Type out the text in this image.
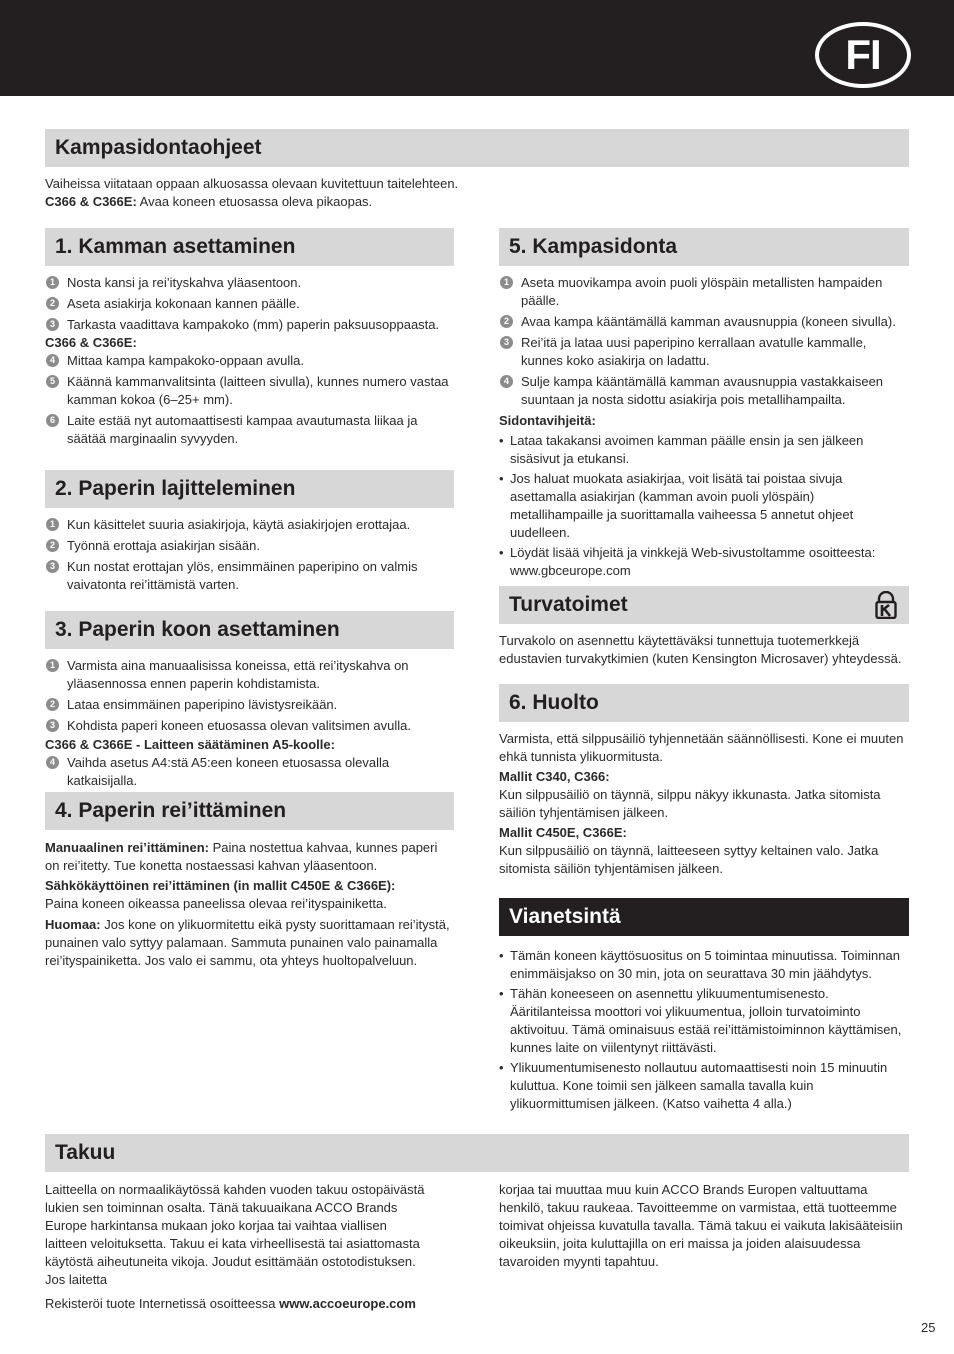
FI
Kampasidontaohjeet

Vaiheissa viitataan oppaan alkuosassa olevaan kuvitettuun taitelehteen.

C366 & C366E: Avaa koneen etuosassa oleva pikaopas.

1. Kamman asettaminen

1 Nosta kansi ja rei’ityskahva yläasentoon.

2 Aseta asiakirja kokonaan kannen päälle.

3 Tarkasta vaadittava kampakoko (mm) paperin paksuusoppaasta.

C366 & C366E:

4 Mittaa kampa kampakoko-oppaan avulla.

5 Käännä kammanvalitsinta (laitteen sivulla), kunnes numero vastaa kamman kokoa (6–25+ mm).

6 Laite estää nyt automaattisesti kampaa avautumasta liikaa ja säätää marginaalin syvyyden.

2. Paperin lajitteleminen

1 Kun käsittelet suuria asiakirjoja, käytä asiakirjojen erottajaa.

2 Työnnä erottaja asiakirjan sisään.

3 Kun nostat erottajan ylös, ensimmäinen paperipino on valmis vaivatonta rei’ittämistä varten.

3. Paperin koon asettaminen

1 Varmista aina manuaalisissa koneissa, että rei’ityskahva on yläasennossa ennen paperin kohdistamista.

2 Lataa ensimmäinen paperipino lävistysreikään.

3 Kohdista paperi koneen etuosassa olevan valitsimen avulla.

C366 & C366E - Laitteen säätäminen A5-koolle:

4 Vaihda asetus A4:stä A5:een koneen etuosassa olevalla katkaisijalla.

4. Paperin rei’ittäminen

Manuaalinen rei’ittäminen: Paina nostettua kahvaa, kunnes paperi on rei’itetty. Tue konetta nostaessasi kahvan yläasentoon.

Sähkökäyttöinen rei’ittäminen (in mallit C450E & C366E):

Paina koneen oikeassa paneelissa olevaa rei’ityspainiketta.

Huomaa: Jos kone on ylikuormitettu eikä pysty suorittamaan rei’itystä, punainen valo syttyy palamaan. Sammuta punainen valo painamalla rei’ityspainiketta. Jos valo ei sammu, ota yhteys huoltopalveluun.

5. Kampasidonta

1 Aseta muovikampa avoin puoli ylöspäin metallisten hampaiden päälle.

2 Avaa kampa kääntämällä kamman avausnuppia (koneen sivulla).

3 Rei’itä ja lataa uusi paperipino kerrallaan avatulle kammalle, kunnes koko asiakirja on ladattu.

4 Sulje kampa kääntämällä kamman avausnuppia vastakkaiseen suuntaan ja nosta sidottu asiakirja pois metallihampailta.

Sidontavihjeitä:

• Lataa takakansi avoimen kamman päälle ensin ja sen jälkeen sisäsivut ja etukansi.

• Jos haluat muokata asiakirjaa, voit lisätä tai poistaa sivuja asettamalla asiakirjan (kamman avoin puoli ylöspäin) metallihampaille ja suorittamalla vaiheessa 5 annetut ohjeet uudelleen.

• Löydät lisää vihjeitä ja vinkkejä Web-sivustoltamme osoitteesta: www.gbceurope.com

Turvatoimet
Turvakolo on asennettu käytettäväksi tunnettuja tuotemerkkejä edustavien turvakytkimien (kuten Kensington Microsaver) yhteydessä.
6. Huolto

Varmista, että silppusäiliö tyhjennetään säännöllisesti. Kone ei muuten ehkä tunnista ylikuormitusta.

Mallit C340, C366:

Kun silppusäiliö on täynnä, silppu näkyy ikkunasta. Jatka sitomista säiliön tyhjentämisen jälkeen.

Mallit C450E, C366E:

Kun silppusäiliö on täynnä, laitteeseen syttyy keltainen valo. Jatka sitomista säiliön tyhjentämisen jälkeen.

Vianetsintä

• Tämän koneen käyttösuositus on 5 toimintaa minuutissa. Toiminnan enimmäisjakso on 30 min, jota on seurattava 30 min jäähdytys.

• Tähän koneeseen on asennettu ylikuumentumisenesto. Ääritilanteissa moottori voi ylikuumentua, jolloin turvatoiminto aktivoituu. Tämä ominaisuus estää rei’ittämistoiminnon käyttämisen, kunnes laite on viilentynyt riittävästi.

• Ylikuumentumisenesto nollautuu automaattisesti noin 15 minuutin kuluttua. Kone toimii sen jälkeen samalla tavalla kuin ylikuormittumisen jälkeen. (Katso vaihetta 4 alla.)

Takuu

Laitteella on normaalikäytössä kahden vuoden takuu ostopäivästä lukien sen toiminnan osalta. Tänä takuuaikana ACCO Brands Europe harkintansa mukaan joko korjaa tai vaihtaa viallisen laitteen veloituksetta. Takuu ei kata virheellisestä tai asiattomasta käytöstä aiheutuneita vikoja. Joudut esittämään ostotodistuksen. Jos laitetta

Rekisteröi tuote Internetissä osoitteessa www.accoeurope.com

korjaa tai muuttaa muu kuin ACCO Brands Europen valtuuttama henkilö, takuu raukeaa. Tavoitteemme on varmistaa, että tuotteemme toimivat ohjeissa kuvatulla tavalla. Tämä takuu ei vaikuta lakisääteisiin oikeuksiin, joita kuluttajilla on eri maissa ja joiden alaisuudessa tavaroiden myynti tapahtuu.
25
